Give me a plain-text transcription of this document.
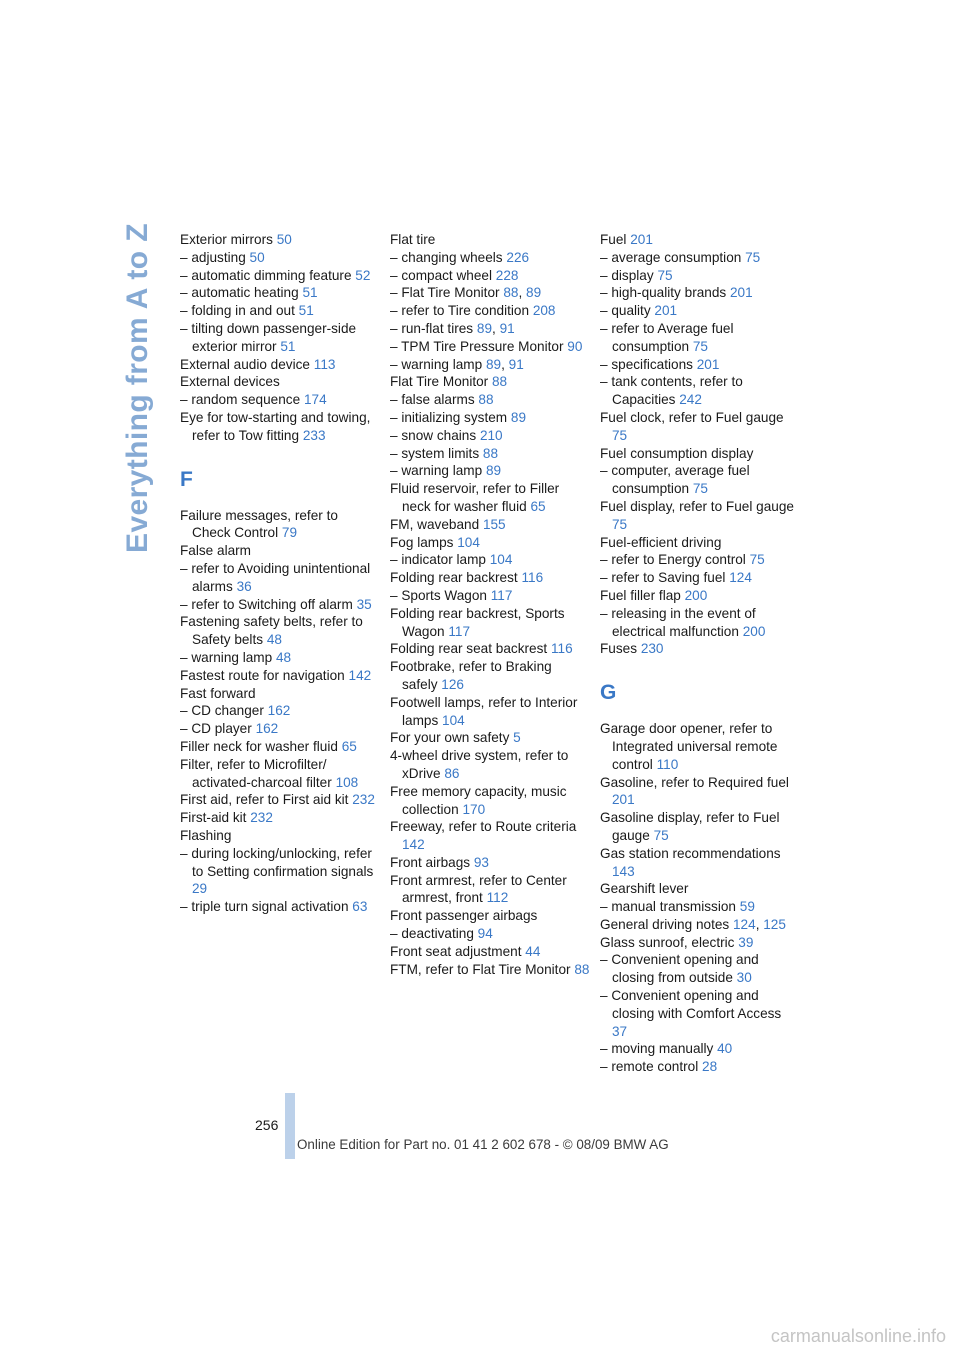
Everything from A to Z Exterior mirrors 50
– adjusting 50
– automatic dimming feature 52
– automatic heating 51
– folding in and out 51
– tilting down passenger-side exterior mirror 51
External audio device 113
External devices
– random sequence 174
Eye for tow-starting and towing, refer to Tow fitting 233
F
Failure messages, refer to Check Control 79
False alarm
– refer to Avoiding unintentional alarms 36
– refer to Switching off alarm 35
Fastening safety belts, refer to Safety belts 48
– warning lamp 48
Fastest route for navigation 142
Fast forward
– CD changer 162
– CD player 162
Filler neck for washer fluid 65
Filter, refer to Microfilter/ activated-charcoal filter 108
First aid, refer to First aid kit 232
First-aid kit 232
Flashing
– during locking/unlocking, refer to Setting confirmation signals 29
– triple turn signal activation 63
Flat tire
– changing wheels 226
– compact wheel 228
– Flat Tire Monitor 88, 89
– refer to Tire condition 208
– run-flat tires 89, 91
– TPM Tire Pressure Monitor 90
– warning lamp 89, 91
Flat Tire Monitor 88
– false alarms 88
– initializing system 89
– snow chains 210
– system limits 88
– warning lamp 89
Fluid reservoir, refer to Filler neck for washer fluid 65
FM, waveband 155
Fog lamps 104
– indicator lamp 104
Folding rear backrest 116
– Sports Wagon 117
Folding rear backrest, Sports Wagon 117
Folding rear seat backrest 116
Footbrake, refer to Braking safely 126
Footwell lamps, refer to Interior lamps 104
For your own safety 5
4-wheel drive system, refer to xDrive 86
Free memory capacity, music collection 170
Freeway, refer to Route criteria 142
Front airbags 93
Front armrest, refer to Center armrest, front 112
Front passenger airbags
– deactivating 94
Front seat adjustment 44
FTM, refer to Flat Tire Monitor 88
Fuel 201
– average consumption 75
– display 75
– high-quality brands 201
– quality 201
– refer to Average fuel consumption 75
– specifications 201
– tank contents, refer to Capacities 242
Fuel clock, refer to Fuel gauge 75
Fuel consumption display
– computer, average fuel consumption 75
Fuel display, refer to Fuel gauge 75
Fuel-efficient driving
– refer to Energy control 75
– refer to Saving fuel 124
Fuel filler flap 200
– releasing in the event of electrical malfunction 200
Fuses 230
G
Garage door opener, refer to Integrated universal remote control 110
Gasoline, refer to Required fuel 201
Gasoline display, refer to Fuel gauge 75
Gas station recommendations 143
Gearshift lever
– manual transmission 59
General driving notes 124, 125
Glass sunroof, electric 39
– Convenient opening and closing from outside 30
– Convenient opening and closing with Comfort Access 37
– moving manually 40
– remote control 28
256
Online Edition for Part no. 01 41 2 602 678 - © 08/09 BMW AG
carmanualsonline.info
